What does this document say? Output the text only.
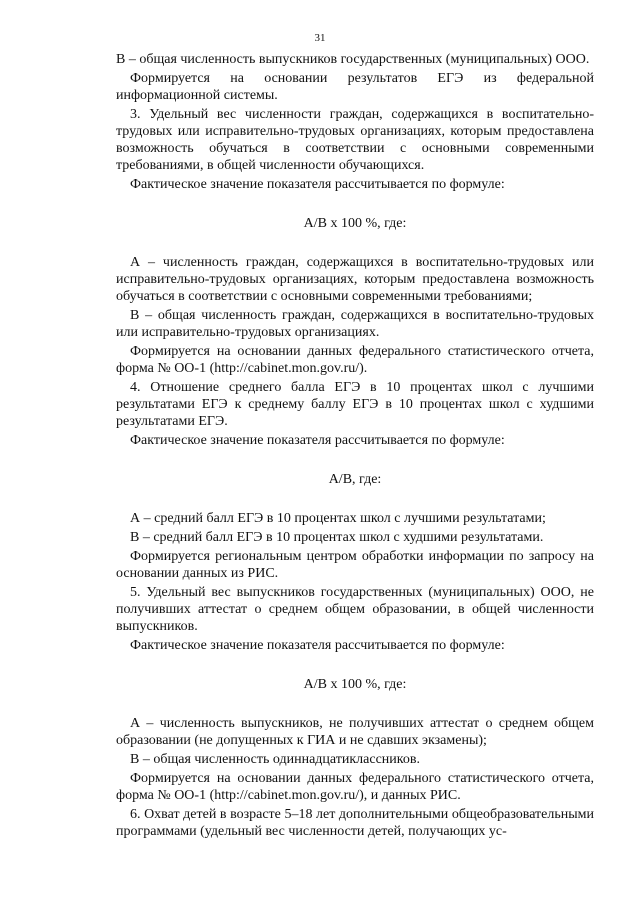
31

В – общая численность выпускников государственных (муниципальных) ООО.

Формируется на основании результатов ЕГЭ из федеральной информационной системы.

3. Удельный вес численности граждан, содержащихся в воспитательно-трудовых или исправительно-трудовых организациях, которым предоставлена возможность обучаться в соответствии с основными современными требованиями, в общей численности обучающихся.

Фактическое значение показателя рассчитывается по формуле:

А/В х 100 %, где:

А – численность граждан, содержащихся в воспитательно-трудовых или исправительно-трудовых организациях, которым предоставлена возможность обучаться в соответствии с основными современными требованиями;

В – общая численность граждан, содержащихся в воспитательно-трудовых или исправительно-трудовых организациях.

Формируется на основании данных федерального статистического отчета, форма № ОО-1 (http://cabinet.mon.gov.ru/).

4. Отношение среднего балла ЕГЭ в 10 процентах школ с лучшими результатами ЕГЭ к среднему баллу ЕГЭ в 10 процентах школ с худшими результатами ЕГЭ.

Фактическое значение показателя рассчитывается по формуле:

А/В, где:

А – средний балл ЕГЭ в 10 процентах школ с лучшими результатами;

В – средний балл ЕГЭ в 10 процентах школ с худшими результатами.

Формируется региональным центром обработки информации по запросу на основании данных из РИС.

5. Удельный вес выпускников государственных (муниципальных) ООО, не получивших аттестат о среднем общем образовании, в общей численности выпускников.

Фактическое значение показателя рассчитывается по формуле:

А/В х 100 %, где:

А – численность выпускников, не получивших аттестат о среднем общем образовании (не допущенных к ГИА и не сдавших экзамены);

В – общая численность одиннадцатиклассников.

Формируется на основании данных федерального статистического отчета, форма № ОО-1 (http://cabinet.mon.gov.ru/), и данных РИС.

6. Охват детей в возрасте 5–18 лет дополнительными общеобразовательными программами (удельный вес численности детей, получающих ус-
